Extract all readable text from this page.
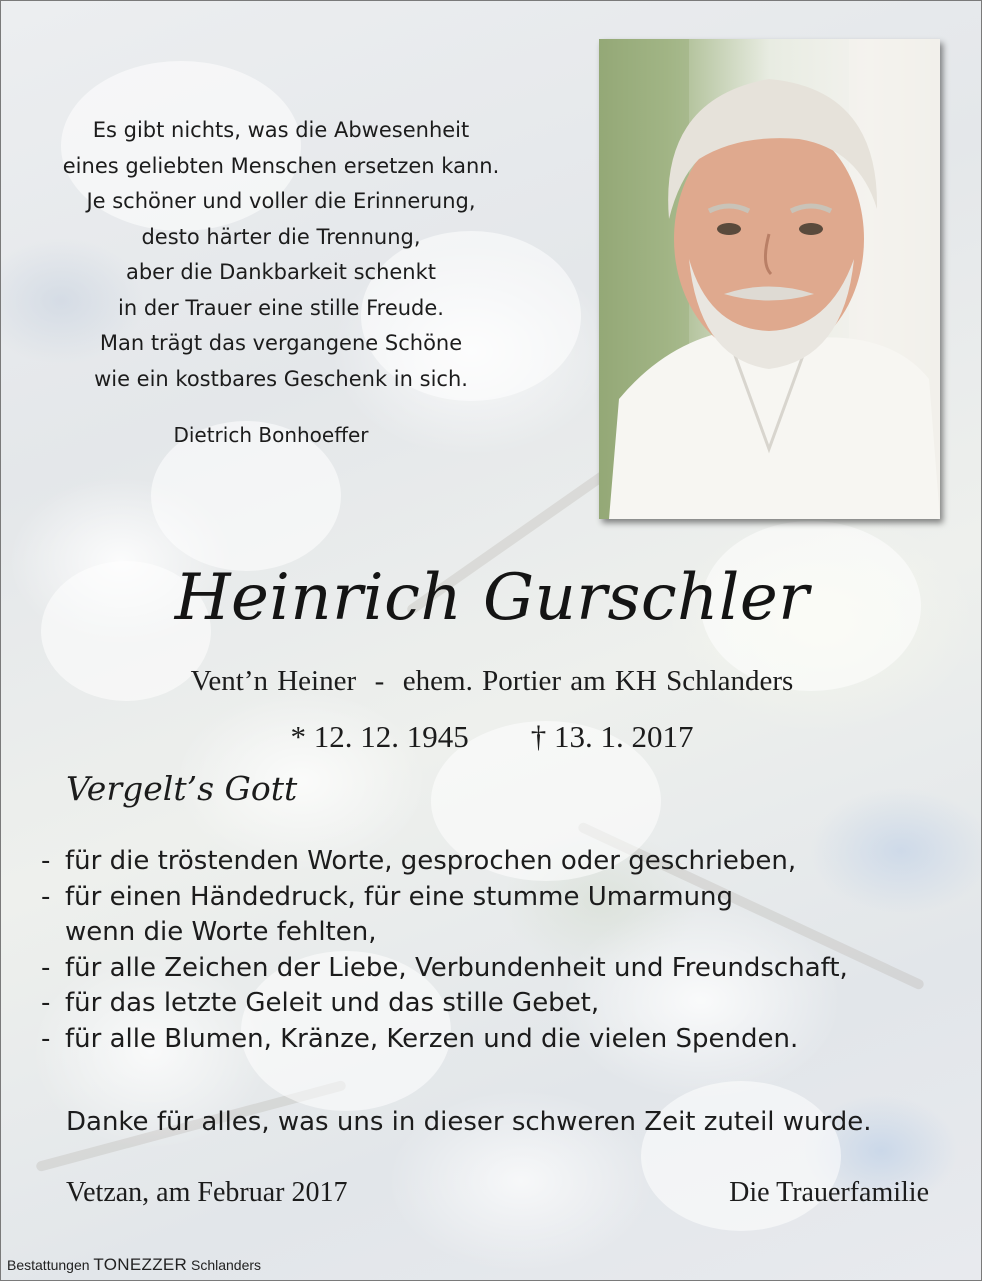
Es gibt nichts, was die Abwesenheit
eines geliebten Menschen ersetzen kann.
Je schöner und voller die Erinnerung,
desto härter die Trennung,
aber die Dankbarkeit schenkt
in der Trauer eine stille Freude.
Man trägt das vergangene Schöne
wie ein kostbares Geschenk in sich.
Dietrich Bonhoeffer
Heinrich Gurschler
Vent’n Heiner  -  ehem. Portier am KH Schlanders
* 12. 12. 1945        † 13. 1. 2017
Vergelt’s Gott
- für die tröstenden Worte, gesprochen oder geschrieben,
- für einen Händedruck, für eine stumme Umarmung
wenn die Worte fehlten,
- für alle Zeichen der Liebe, Verbundenheit und Freundschaft,
- für das letzte Geleit und das stille Gebet,
- für alle Blumen, Kränze, Kerzen und die vielen Spenden.
Danke für alles, was uns in dieser schweren Zeit zuteil wurde.
Vetzan, am Februar 2017	Die Trauerfamilie
Bestattungen TONEZZER Schlanders
